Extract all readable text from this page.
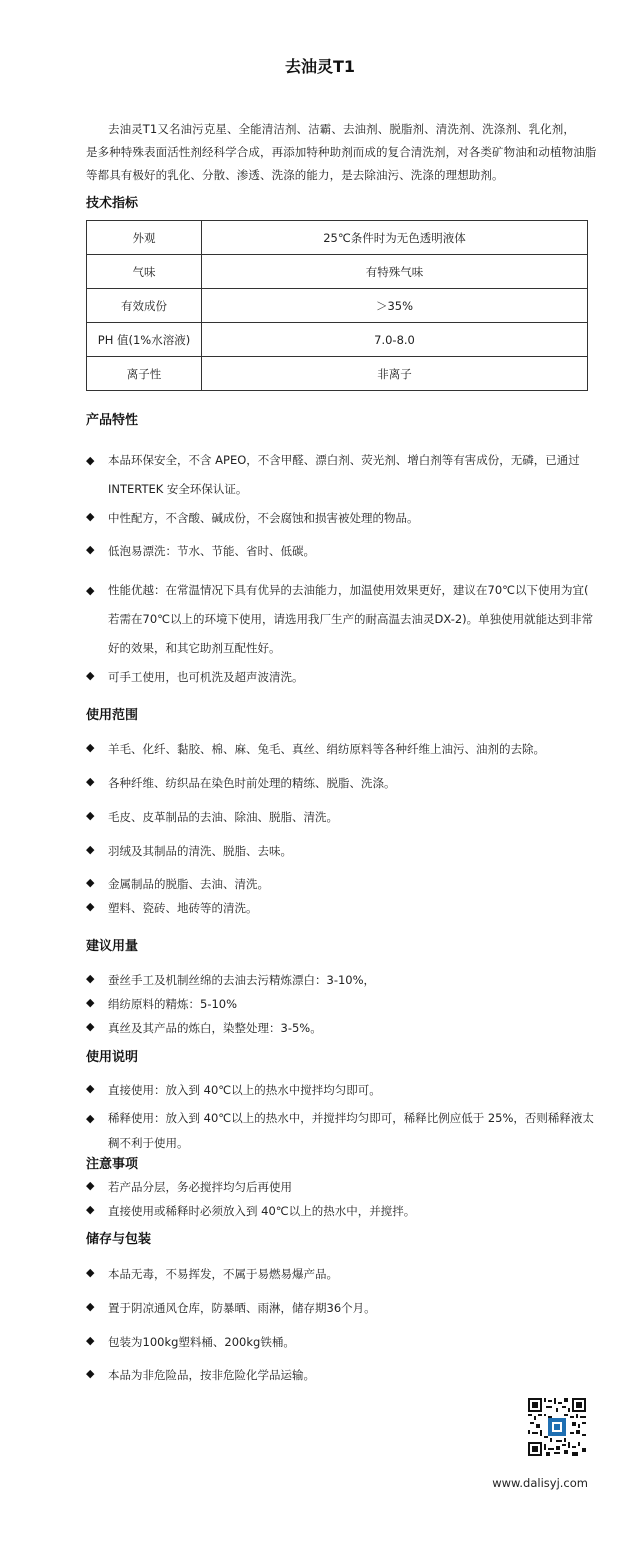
去油灵T1
去油灵T1又名油污克星、全能清洁剂、洁霸、去油剂、脱脂剂、清洗剂、洗涤剂、乳化剂，
是多种特殊表面活性剂经科学合成，再添加特种助剂而成的复合清洗剂，对各类矿物油和动植物油脂
等都具有极好的乳化、分散、渗透、洗涤的能力，是去除油污、洗涤的理想助剂。
技术指标
外观	25℃条件时为无色透明液体
气味	有特殊气味
有效成份	＞35%
PH 值(1%水溶液)	7.0-8.0
离子性	非离子
产品特性
◆ 本品环保安全，不含 APEO，不含甲醛、漂白剂、荧光剂、增白剂等有害成份，无磷，已通过
INTERTEK 安全环保认证。
◆ 中性配方，不含酸、碱成份，不会腐蚀和损害被处理的物品。
◆ 低泡易漂洗：节水、节能、省时、低碳。
◆ 性能优越：在常温情况下具有优异的去油能力，加温使用效果更好，建议在70℃以下使用为宜(
若需在70℃以上的环境下使用，请选用我厂生产的耐高温去油灵DX-2)。单独使用就能达到非常
好的效果，和其它助剂互配性好。
◆ 可手工使用，也可机洗及超声波清洗。
使用范围
◆ 羊毛、化纤、黏胶、棉、麻、兔毛、真丝、绢纺原料等各种纤维上油污、油剂的去除。
◆ 各种纤维、纺织品在染色时前处理的精练、脱脂、洗涤。
◆ 毛皮、皮革制品的去油、除油、脱脂、清洗。
◆ 羽绒及其制品的清洗、脱脂、去味。
◆ 金属制品的脱脂、去油、清洗。
◆ 塑料、瓷砖、地砖等的清洗。
建议用量
◆ 蚕丝手工及机制丝绵的去油去污精炼漂白：3-10%，
◆ 绢纺原料的精炼：5-10%
◆ 真丝及其产品的炼白，染整处理：3-5%。
使用说明
◆ 直接使用：放入到 40℃以上的热水中搅拌均匀即可。
◆ 稀释使用：放入到 40℃以上的热水中，并搅拌均匀即可，稀释比例应低于 25%，否则稀释液太
稠不利于使用。
注意事项
◆ 若产品分层，务必搅拌均匀后再使用
◆ 直接使用或稀释时必须放入到 40℃以上的热水中，并搅拌。
储存与包装
◆ 本品无毒，不易挥发，不属于易燃易爆产品。
◆ 置于阴凉通风仓库，防暴晒、雨淋，储存期36个月。
◆ 包装为100kg塑料桶、200kg铁桶。
◆ 本品为非危险品，按非危险化学品运输。
www.dalisyj.com
